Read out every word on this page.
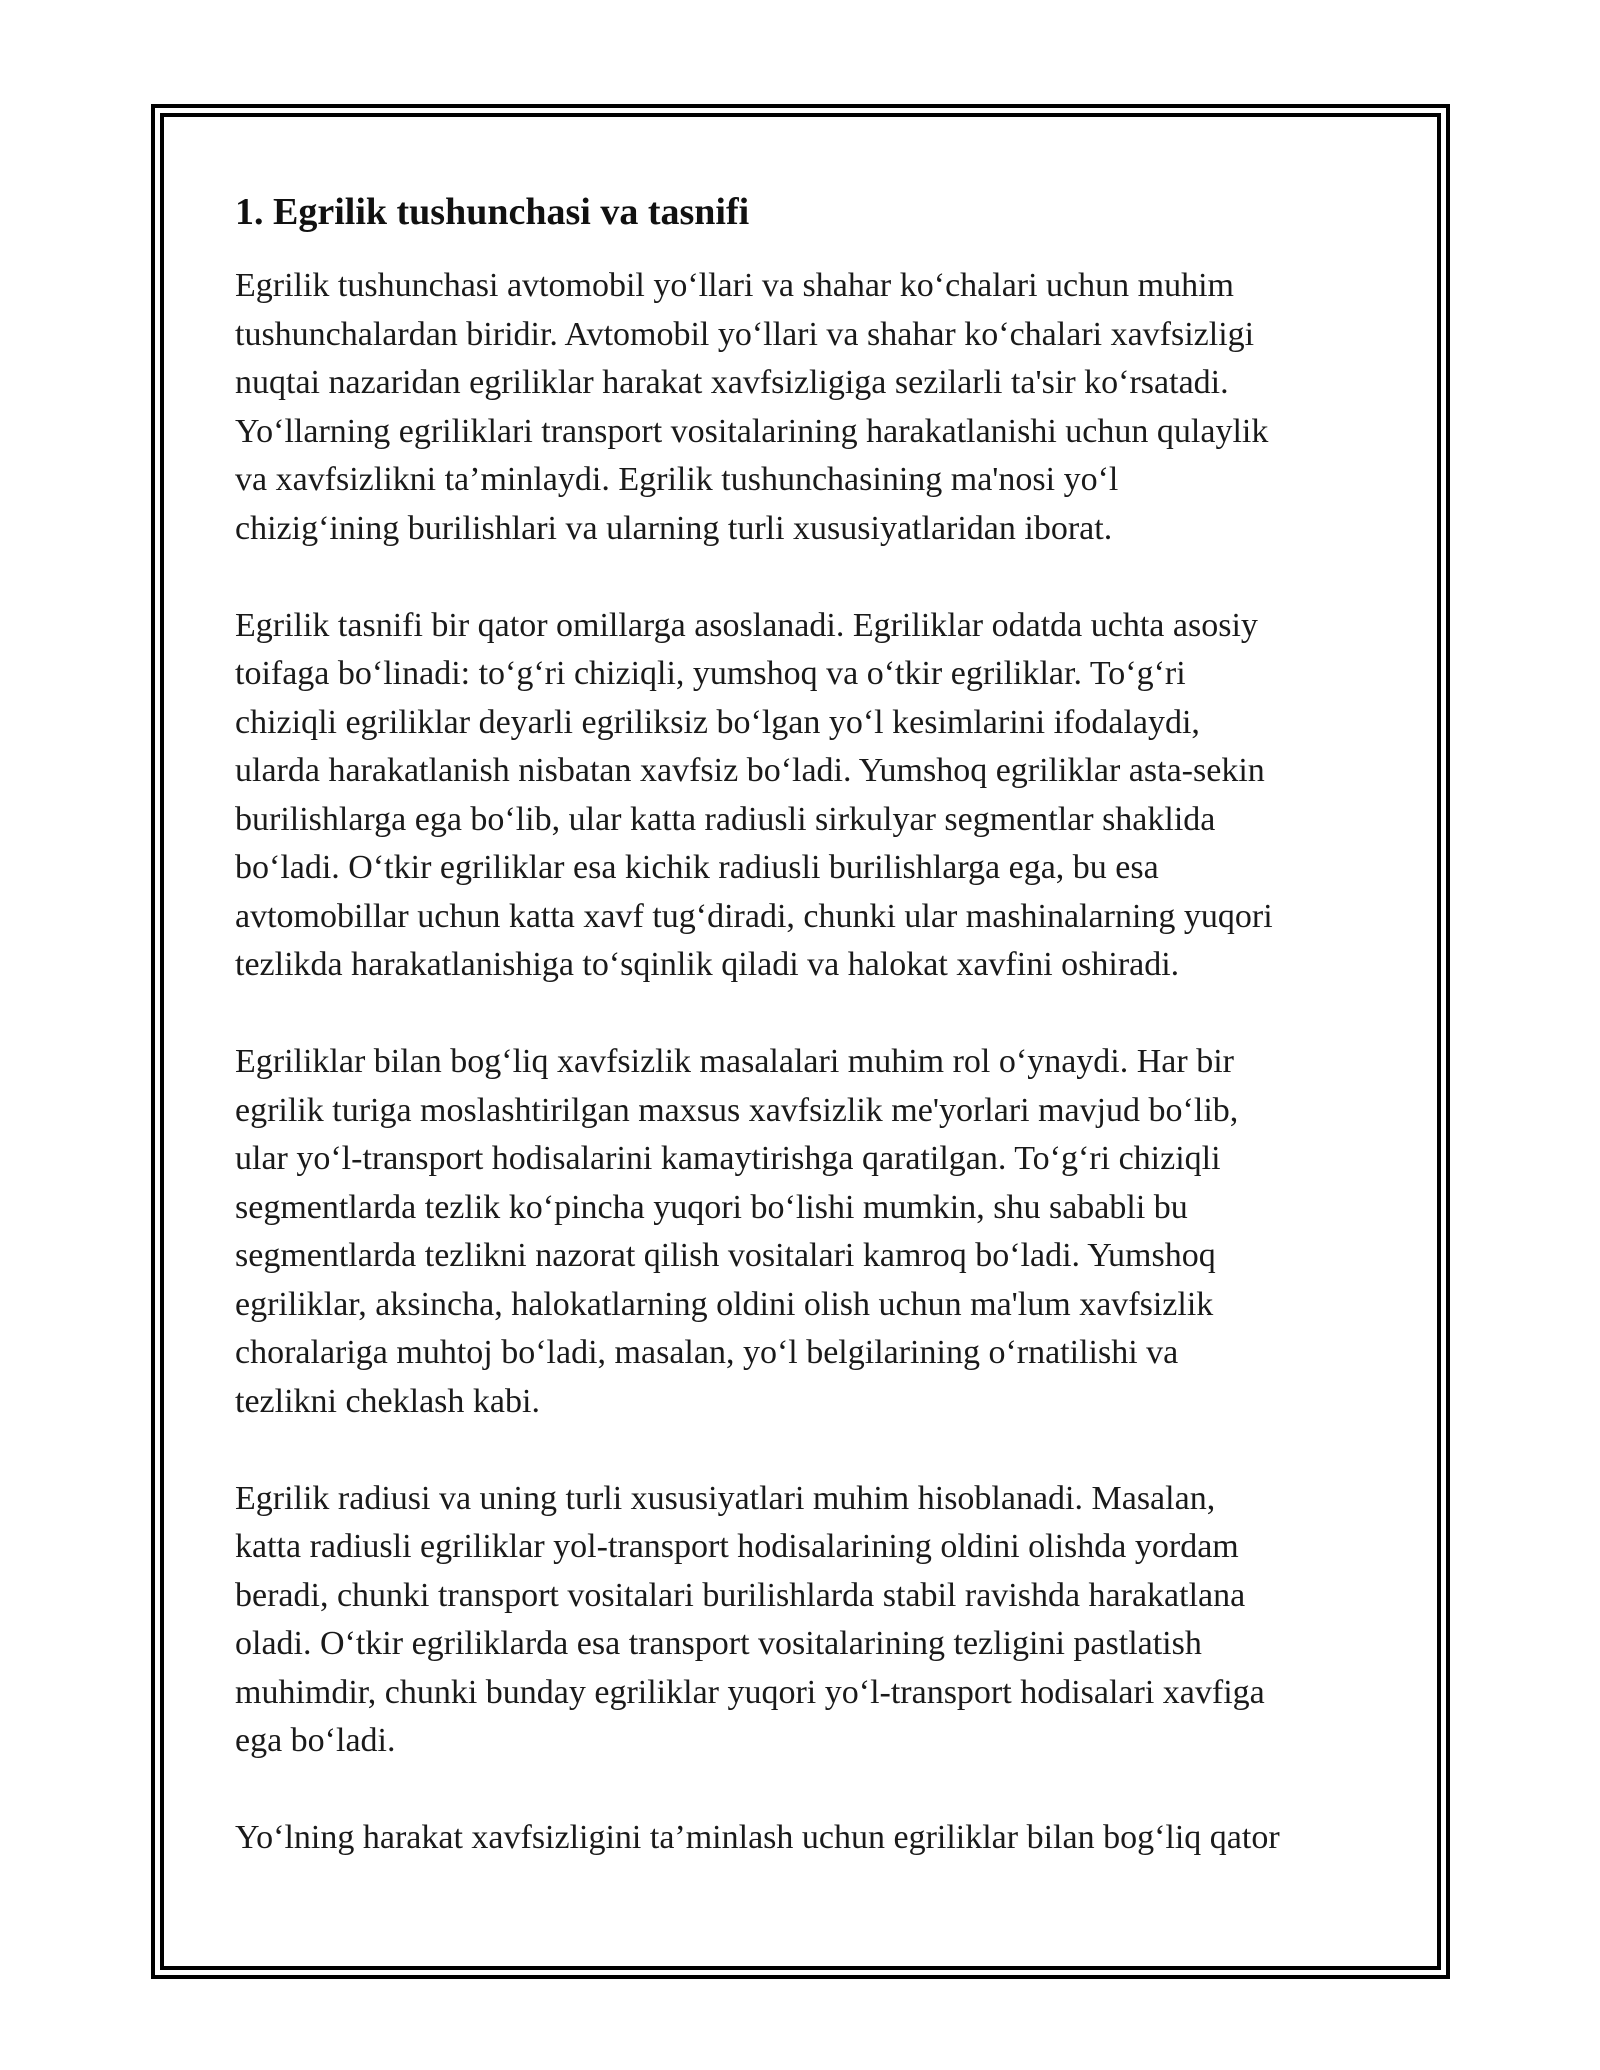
1. Egrilik tushunchasi va tasnifi

Egrilik tushunchasi avtomobil yo‘llari va shahar ko‘chalari uchun muhim
tushunchalardan biridir. Avtomobil yo‘llari va shahar ko‘chalari xavfsizligi
nuqtai nazaridan egriliklar harakat xavfsizligiga sezilarli ta'sir ko‘rsatadi.
Yo‘llarning egriliklari transport vositalarining harakatlanishi uchun qulaylik
va xavfsizlikni ta’minlaydi. Egrilik tushunchasining ma'nosi yo‘l
chizig‘ining burilishlari va ularning turli xususiyatlaridan iborat.

Egrilik tasnifi bir qator omillarga asoslanadi. Egriliklar odatda uchta asosiy
toifaga bo‘linadi: to‘g‘ri chiziqli, yumshoq va o‘tkir egriliklar. To‘g‘ri
chiziqli egriliklar deyarli egriliksiz bo‘lgan yo‘l kesimlarini ifodalaydi,
ularda harakatlanish nisbatan xavfsiz bo‘ladi. Yumshoq egriliklar asta-sekin
burilishlarga ega bo‘lib, ular katta radiusli sirkulyar segmentlar shaklida
bo‘ladi. O‘tkir egriliklar esa kichik radiusli burilishlarga ega, bu esa
avtomobillar uchun katta xavf tug‘diradi, chunki ular mashinalarning yuqori
tezlikda harakatlanishiga to‘sqinlik qiladi va halokat xavfini oshiradi.

Egriliklar bilan bog‘liq xavfsizlik masalalari muhim rol o‘ynaydi. Har bir
egrilik turiga moslashtirilgan maxsus xavfsizlik me'yorlari mavjud bo‘lib,
ular yo‘l-transport hodisalarini kamaytirishga qaratilgan. To‘g‘ri chiziqli
segmentlarda tezlik ko‘pincha yuqori bo‘lishi mumkin, shu sababli bu
segmentlarda tezlikni nazorat qilish vositalari kamroq bo‘ladi. Yumshoq
egriliklar, aksincha, halokatlarning oldini olish uchun ma'lum xavfsizlik
choralariga muhtoj bo‘ladi, masalan, yo‘l belgilarining o‘rnatilishi va
tezlikni cheklash kabi.

Egrilik radiusi va uning turli xususiyatlari muhim hisoblanadi. Masalan,
katta radiusli egriliklar yol-transport hodisalarining oldini olishda yordam
beradi, chunki transport vositalari burilishlarda stabil ravishda harakatlana
oladi. O‘tkir egriliklarda esa transport vositalarining tezligini pastlatish
muhimdir, chunki bunday egriliklar yuqori yo‘l-transport hodisalari xavfiga
ega bo‘ladi.

Yo‘lning harakat xavfsizligini ta’minlash uchun egriliklar bilan bog‘liq qator
